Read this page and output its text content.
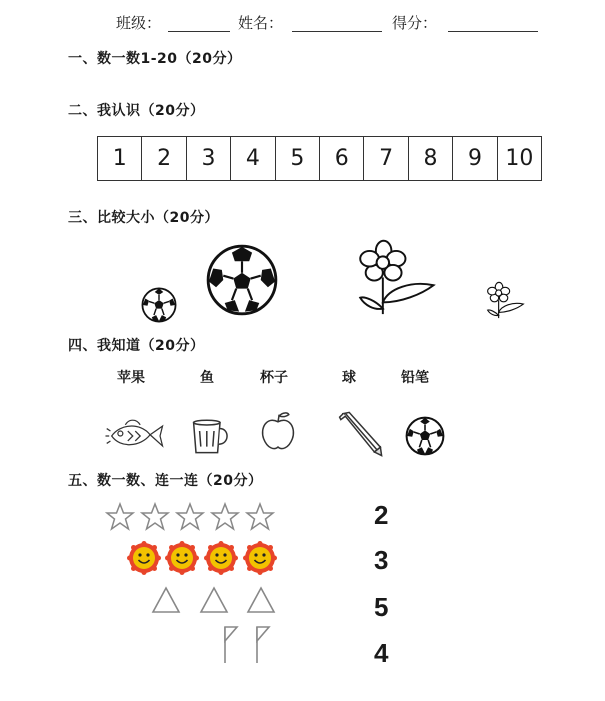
班级：	姓名：	得分：
一、数一数1-20（20分）
二、我认识（20分）
三、比较大小（20分）
四、我知道（20分）
五、数一数、连一连（20分）
1	2	3	4	5	6	7	8	9	10
苹果	鱼	杯子	球	铅笔
2
3
5
4
